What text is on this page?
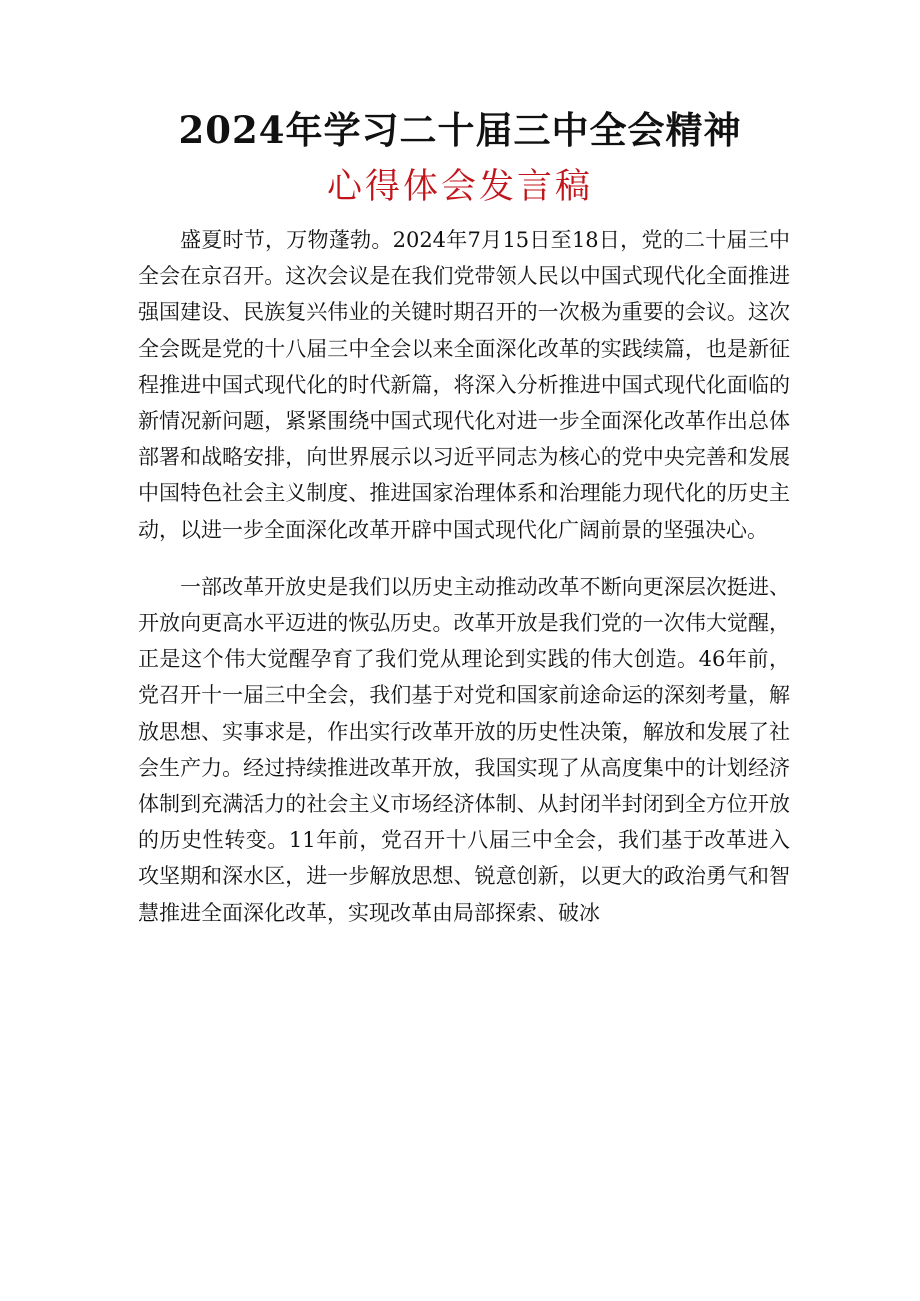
2024年学习二十届三中全会精神
心得体会发言稿

盛夏时节，万物蓬勃。2024年7月15日至18日，党的二十届三中全会在京召开。这次会议是在我们党带领人民以中国式现代化全面推进强国建设、民族复兴伟业的关键时期召开的一次极为重要的会议。这次全会既是党的十八届三中全会以来全面深化改革的实践续篇，也是新征程推进中国式现代化的时代新篇，将深入分析推进中国式现代化面临的新情况新问题，紧紧围绕中国式现代化对进一步全面深化改革作出总体部署和战略安排，向世界展示以习近平同志为核心的党中央完善和发展中国特色社会主义制度、推进国家治理体系和治理能力现代化的历史主动，以进一步全面深化改革开辟中国式现代化广阔前景的坚强决心。

一部改革开放史是我们以历史主动推动改革不断向更深层次挺进、开放向更高水平迈进的恢弘历史。改革开放是我们党的一次伟大觉醒，正是这个伟大觉醒孕育了我们党从理论到实践的伟大创造。46年前，党召开十一届三中全会，我们基于对党和国家前途命运的深刻考量，解放思想、实事求是，作出实行改革开放的历史性决策，解放和发展了社会生产力。经过持续推进改革开放，我国实现了从高度集中的计划经济体制到充满活力的社会主义市场经济体制、从封闭半封闭到全方位开放的历史性转变。11年前，党召开十八届三中全会，我们基于改革进入攻坚期和深水区，进一步解放思想、锐意创新，以更大的政治勇气和智慧推进全面深化改革，实现改革由局部探索、破冰
